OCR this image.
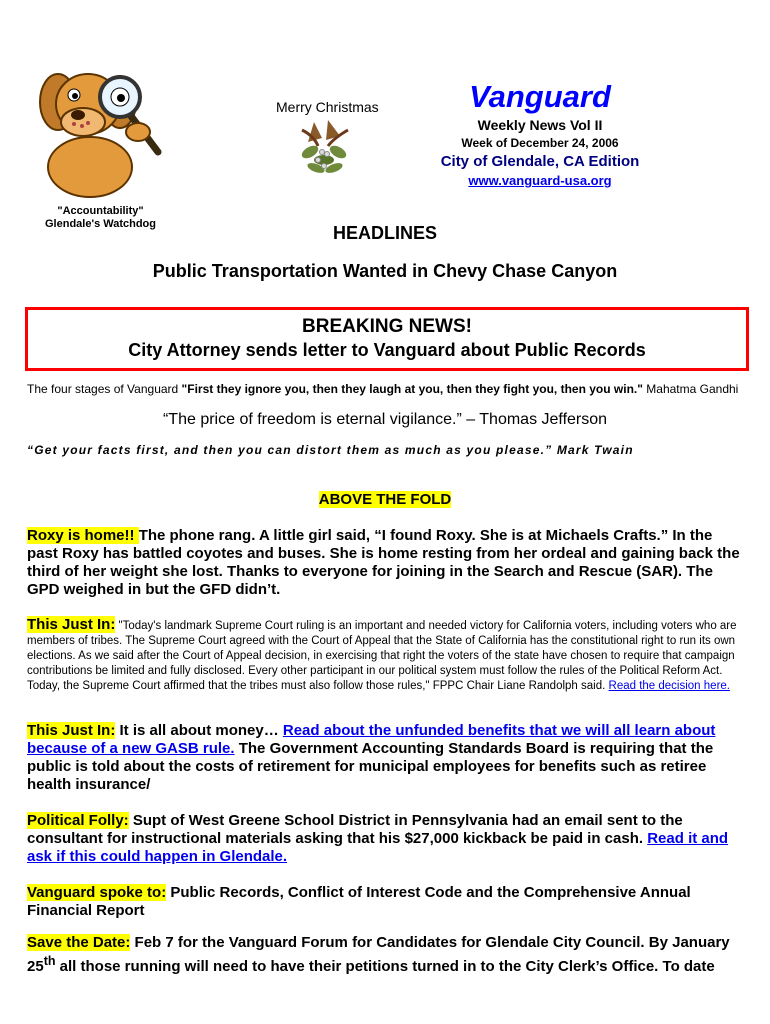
"Accountability"
Glendale's Watchdog
Merry Christmas	Vanguard
Weekly News Vol II
Week of December 24, 2006
City of Glendale, CA Edition
www.vanguard-usa.org
HEADLINES
Public Transportation Wanted in Chevy Chase Canyon
BREAKING NEWS!
City Attorney sends letter to Vanguard about Public Records
The four stages of Vanguard "First they ignore you, then they laugh at you, then they fight you, then you win." Mahatma Gandhi
“The price of freedom is eternal vigilance.” – Thomas Jefferson
“Get your facts first, and then you can distort them as much as you please.” Mark Twain
ABOVE THE FOLD
Roxy is home!! The phone rang. A little girl said, “I found Roxy. She is at Michaels Crafts.” In the past Roxy has battled coyotes and buses. She is home resting from her ordeal and gaining back the third of her weight she lost. Thanks to everyone for joining in the Search and Rescue (SAR). The GPD weighed in but the GFD didn’t.
This Just In: "Today's landmark Supreme Court ruling is an important and needed victory for California voters, including voters who are members of tribes. The Supreme Court agreed with the Court of Appeal that the State of California has the constitutional right to run its own elections. As we said after the Court of Appeal decision, in exercising that right the voters of the state have chosen to require that campaign contributions be limited and fully disclosed. Every other participant in our political system must follow the rules of the Political Reform Act. Today, the Supreme Court affirmed that the tribes must also follow those rules," FPPC Chair Liane Randolph said. Read the decision here.
This Just In: It is all about money… Read about the unfunded benefits that we will all learn about because of a new GASB rule. The Government Accounting Standards Board is requiring that the public is told about the costs of retirement for municipal employees for benefits such as retiree health insurance/
Political Folly: Supt of West Greene School District in Pennsylvania had an email sent to the consultant for instructional materials asking that his $27,000 kickback be paid in cash. Read it and ask if this could happen in Glendale.
Vanguard spoke to: Public Records, Conflict of Interest Code and the Comprehensive Annual Financial Report
Save the Date: Feb 7 for the Vanguard Forum for Candidates for Glendale City Council. By January 25th all those running will need to have their petitions turned in to the City Clerk’s Office. To date
